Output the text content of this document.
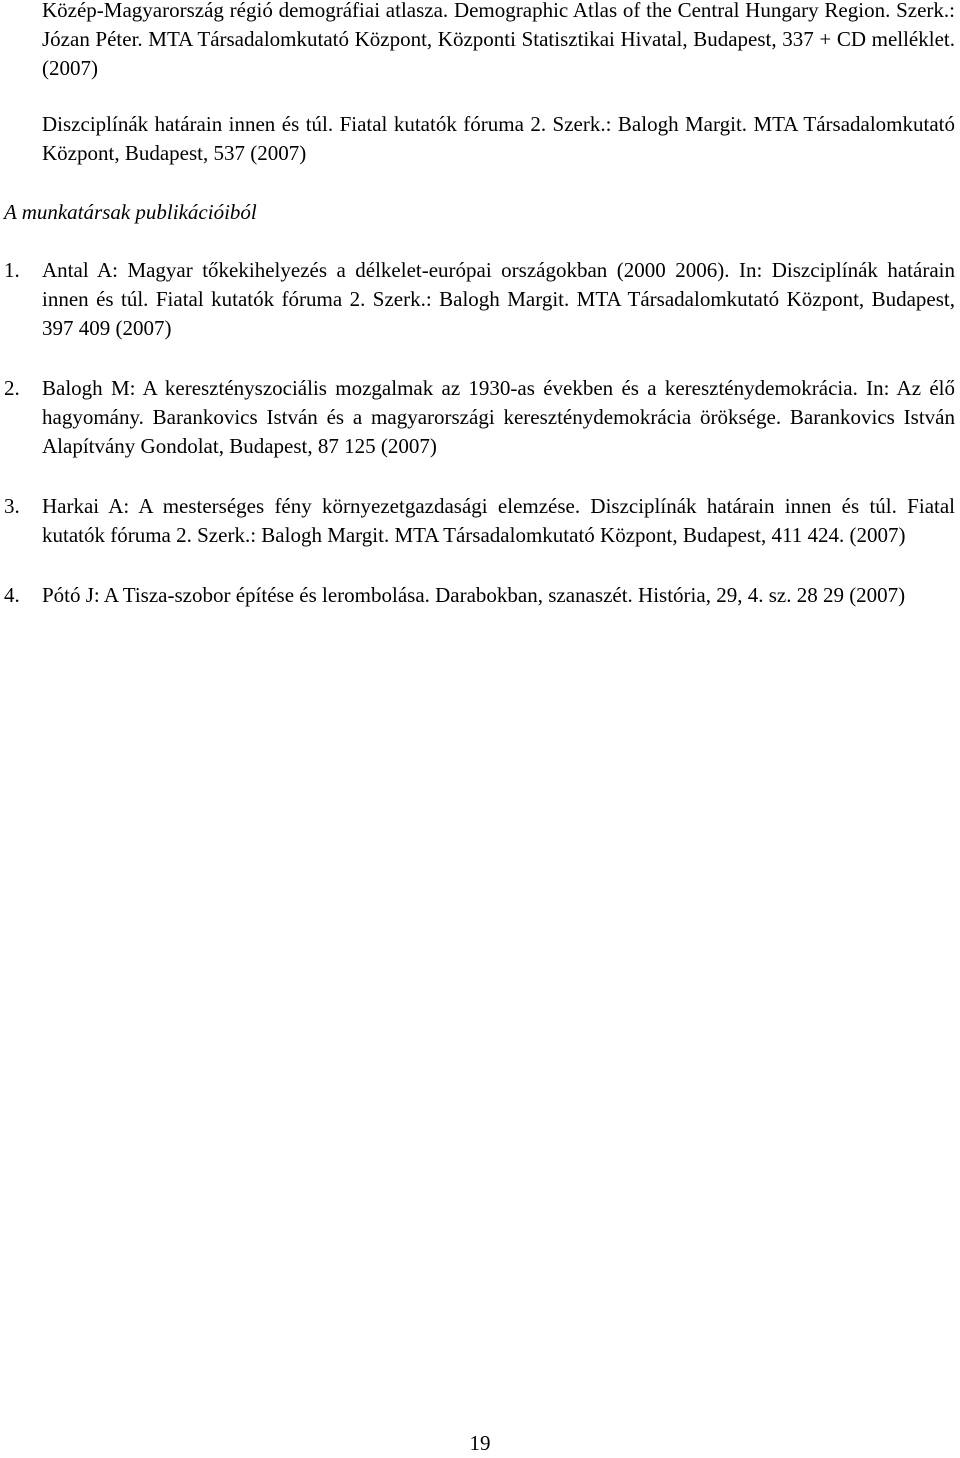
Közép-Magyarország régió demográfiai atlasza. Demographic Atlas of the Central Hungary Region. Szerk.: Józan Péter. MTA Társadalomkutató Központ, Központi Statisztikai Hivatal, Budapest, 337 + CD melléklet. (2007)

Diszciplínák határain innen és túl. Fiatal kutatók fóruma 2. Szerk.: Balogh Margit. MTA Társadalomkutató Központ, Budapest, 537 (2007)

A munkatársak publikációiból
1. Antal A: Magyar tőkekihelyezés a délkelet-európai országokban (2000 2006). In: Diszciplínák határain innen és túl. Fiatal kutatók fóruma 2. Szerk.: Balogh Margit. MTA Társadalomkutató Központ, Budapest, 397 409 (2007)
2. Balogh M: A keresztényszociális mozgalmak az 1930-as években és a kereszténydemokrácia. In: Az élő hagyomány. Barankovics István és a magyarországi kereszténydemokrácia öröksége. Barankovics István Alapítvány Gondolat, Budapest, 87 125 (2007)
3. Harkai A: A mesterséges fény környezetgazdasági elemzése. Diszciplínák határain innen és túl. Fiatal kutatók fóruma 2. Szerk.: Balogh Margit. MTA Társadalomkutató Központ, Budapest, 411 424. (2007)
4. Pótó J: A Tisza-szobor építése és lerombolása. Darabokban, szanaszét. História, 29, 4. sz. 28 29 (2007)

19
